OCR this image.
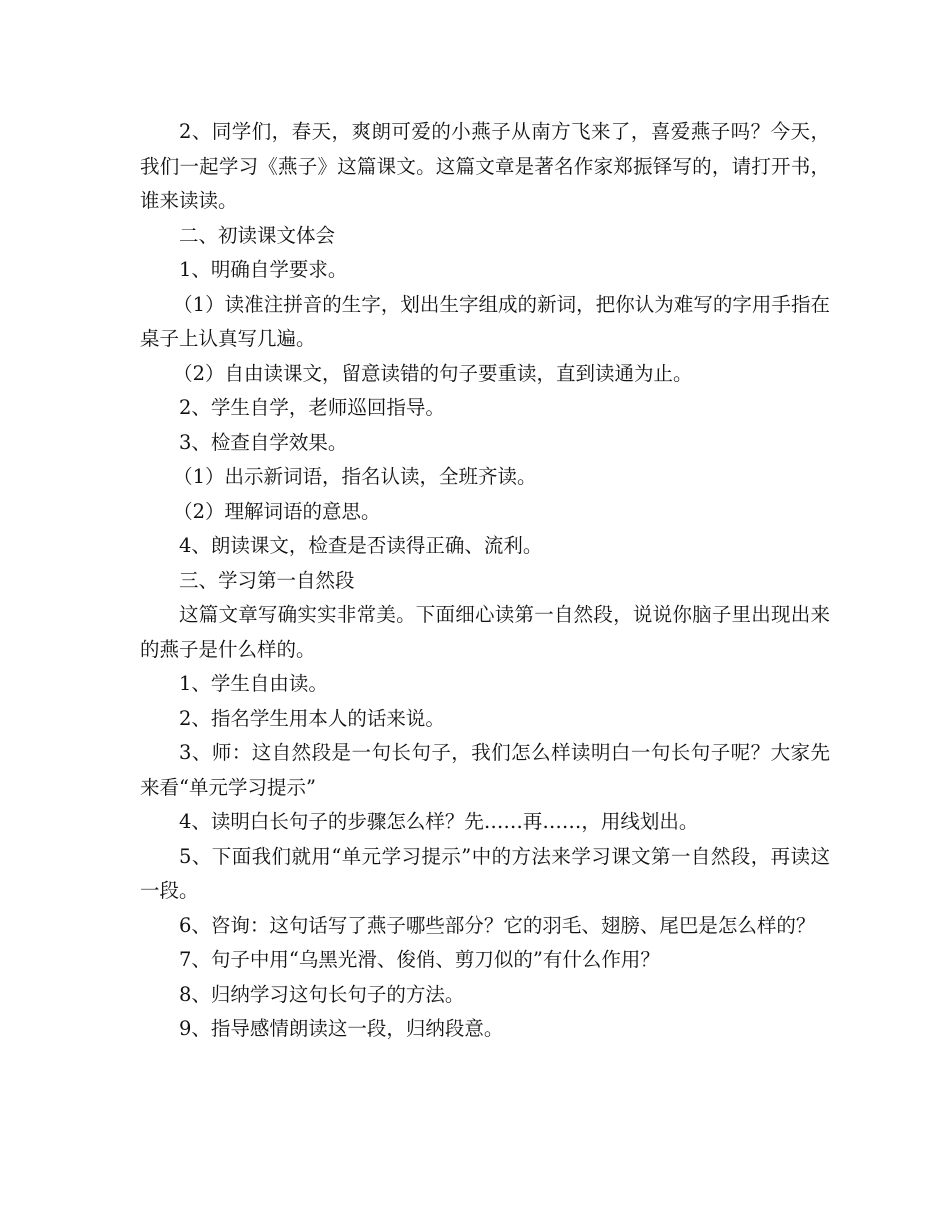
2、同学们，春天，爽朗可爱的小燕子从南方飞来了，喜爱燕子吗？今天，我们一起学习《燕子》这篇课文。这篇文章是著名作家郑振铎写的，请打开书，谁来读读。

二、初读课文体会

1、明确自学要求。

（1）读准注拼音的生字，划出生字组成的新词，把你认为难写的字用手指在桌子上认真写几遍。

（2）自由读课文，留意读错的句子要重读，直到读通为止。

2、学生自学，老师巡回指导。

3、检查自学效果。

（1）出示新词语，指名认读，全班齐读。

（2）理解词语的意思。

4、朗读课文，检查是否读得正确、流利。

三、学习第一自然段

这篇文章写确实实非常美。下面细心读第一自然段，说说你脑子里出现出来的燕子是什么样的。

1、学生自由读。

2、指名学生用本人的话来说。

3、师：这自然段是一句长句子，我们怎么样读明白一句长句子呢？大家先来看“单元学习提示”

4、读明白长句子的步骤怎么样？先……再……，用线划出。

5、下面我们就用“单元学习提示”中的方法来学习课文第一自然段，再读这一段。

6、咨询：这句话写了燕子哪些部分？它的羽毛、翅膀、尾巴是怎么样的？

7、句子中用“乌黑光滑、俊俏、剪刀似的”有什么作用？

8、归纳学习这句长句子的方法。

9、指导感情朗读这一段，归纳段意。
